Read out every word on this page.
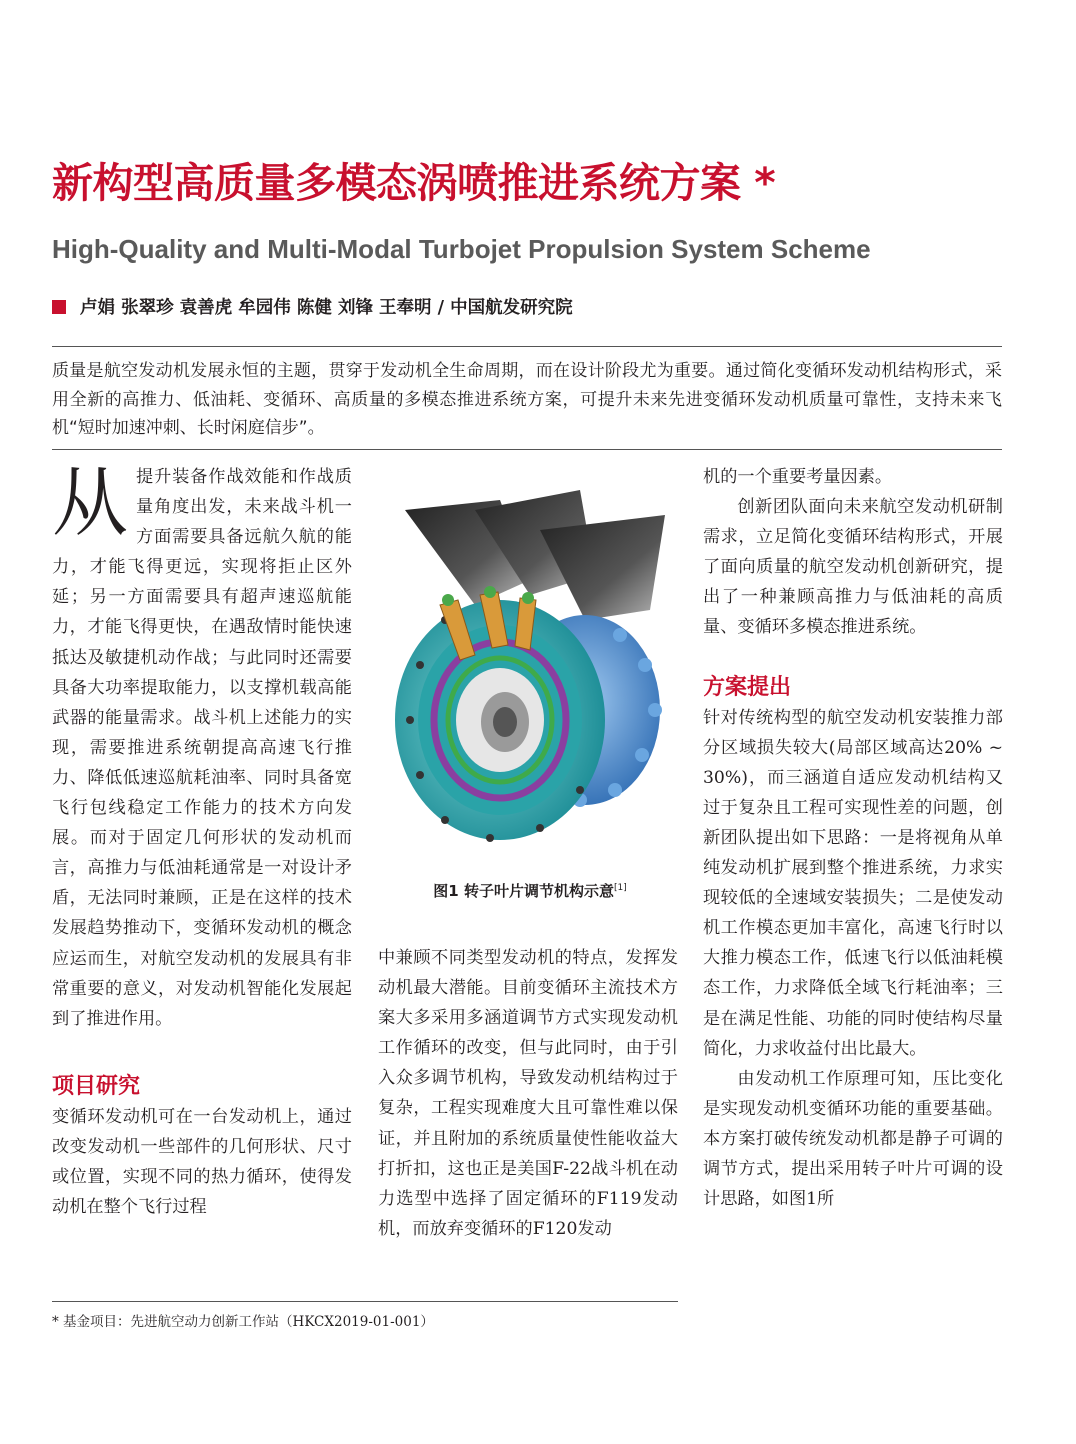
新构型高质量多模态涡喷推进系统方案 *
High-Quality and Multi-Modal Turbojet Propulsion System Scheme
卢娟 张翠珍 袁善虎 牟园伟 陈健 刘锋 王奉明 / 中国航发研究院
质量是航空发动机发展永恒的主题，贯穿于发动机全生命周期，而在设计阶段尤为重要。通过简化变循环发动机结构形式，采用全新的高推力、低油耗、变循环、高质量的多模态推进系统方案，可提升未来先进变循环发动机质量可靠性，支持未来飞机“短时加速冲刺、长时闲庭信步”。

从提升装备作战效能和作战质量角度出发，未来战斗机一方面需要具备远航久航的能力，才能飞得更远，实现将拒止区外延；另一方面需要具有超声速巡航能力，才能飞得更快，在遇敌情时能快速抵达及敏捷机动作战；与此同时还需要具备大功率提取能力，以支撑机载高能武器的能量需求。战斗机上述能力的实现，需要推进系统朝提高高速飞行推力、降低低速巡航耗油率、同时具备宽飞行包线稳定工作能力的技术方向发展。而对于固定几何形状的发动机而言，高推力与低油耗通常是一对设计矛盾，无法同时兼顾，正是在这样的技术发展趋势推动下，变循环发动机的概念应运而生，对航空发动机的发展具有非常重要的意义，对发动机智能化发展起到了推进作用。

项目研究

变循环发动机可在一台发动机上，通过改变发动机一些部件的几何形状、尺寸或位置，实现不同的热力循环，使得发动机在整个飞行过程

图1 转子叶片调节机构示意[1]

中兼顾不同类型发动机的特点，发挥发动机最大潜能。目前变循环主流技术方案大多采用多涵道调节方式实现发动机工作循环的改变，但与此同时，由于引入众多调节机构，导致发动机结构过于复杂，工程实现难度大且可靠性难以保证，并且附加的系统质量使性能收益大打折扣，这也正是美国F-22战斗机在动力选型中选择了固定循环的F119发动机，而放弃变循环的F120发动

机的一个重要考量因素。

创新团队面向未来航空发动机研制需求，立足简化变循环结构形式，开展了面向质量的航空发动机创新研究，提出了一种兼顾高推力与低油耗的高质量、变循环多模态推进系统。

方案提出

针对传统构型的航空发动机安装推力部分区域损失较大(局部区域高达20% ~ 30%)，而三涵道自适应发动机结构又过于复杂且工程可实现性差的问题，创新团队提出如下思路：一是将视角从单纯发动机扩展到整个推进系统，力求实现较低的全速域安装损失；二是使发动机工作模态更加丰富化，高速飞行时以大推力模态工作，低速飞行以低油耗模态工作，力求降低全域飞行耗油率；三是在满足性能、功能的同时使结构尽量简化，力求收益付出比最大。

由发动机工作原理可知，压比变化是实现发动机变循环功能的重要基础。本方案打破传统发动机都是静子可调的调节方式，提出采用转子叶片可调的设计思路，如图1所

* 基金项目：先进航空动力创新工作站（HKCX2019-01-001）
